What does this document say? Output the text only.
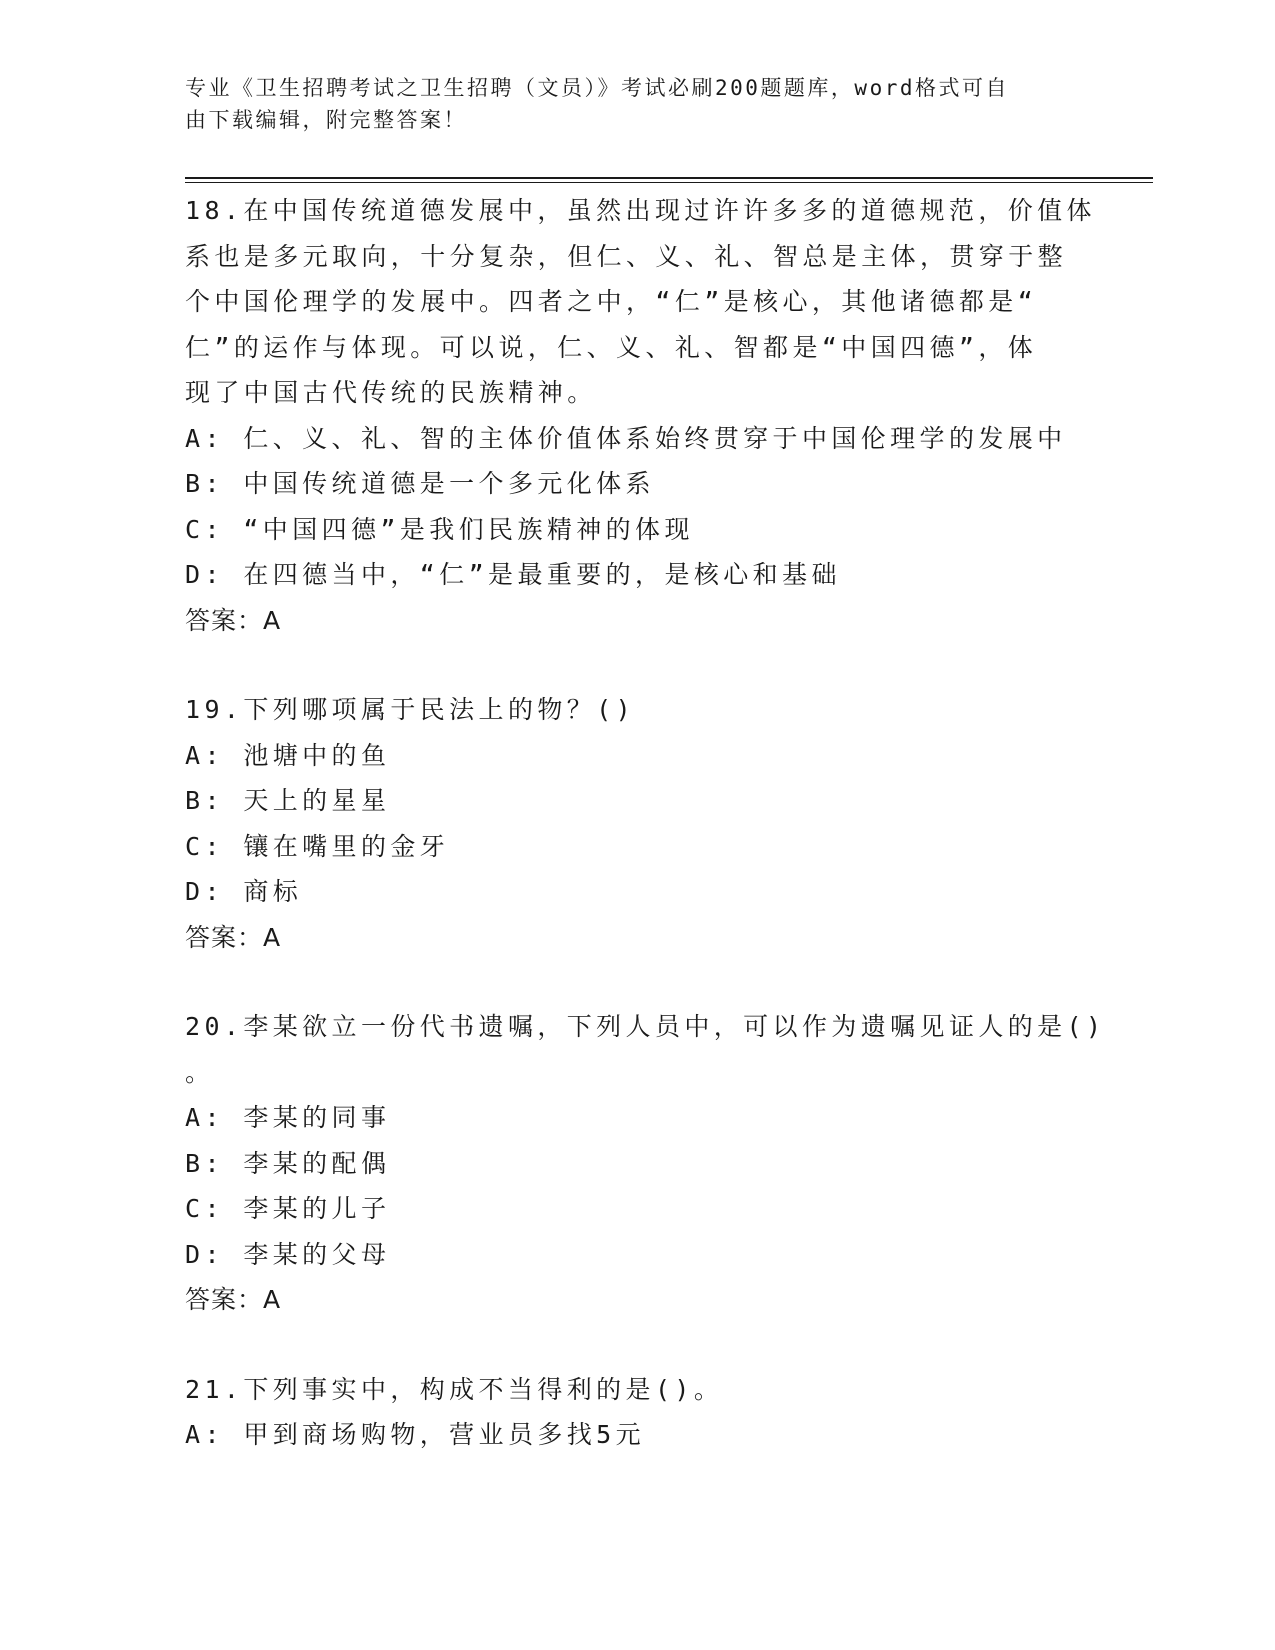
专业《卫生招聘考试之卫生招聘（文员）》考试必刷200题题库，word格式可自
由下载编辑，附完整答案！
18.在中国传统道德发展中，虽然出现过许许多多的道德规范，价值体
系也是多元取向，十分复杂，但仁、义、礼、智总是主体，贯穿于整
个中国伦理学的发展中。四者之中，“仁”是核心，其他诸德都是“
仁”的运作与体现。可以说，仁、义、礼、智都是“中国四德”，体
现了中国古代传统的民族精神。
A: 仁、义、礼、智的主体价值体系始终贯穿于中国伦理学的发展中
B: 中国传统道德是一个多元化体系
C: “中国四德”是我们民族精神的体现
D: 在四德当中，“仁”是最重要的，是核心和基础
答案：A
19.下列哪项属于民法上的物？()
A: 池塘中的鱼
B: 天上的星星
C: 镶在嘴里的金牙
D: 商标
答案：A
20.李某欲立一份代书遗嘱，下列人员中，可以作为遗嘱见证人的是()
。
A: 李某的同事
B: 李某的配偶
C: 李某的儿子
D: 李某的父母
答案：A
21.下列事实中，构成不当得利的是()。
A: 甲到商场购物，营业员多找5元
